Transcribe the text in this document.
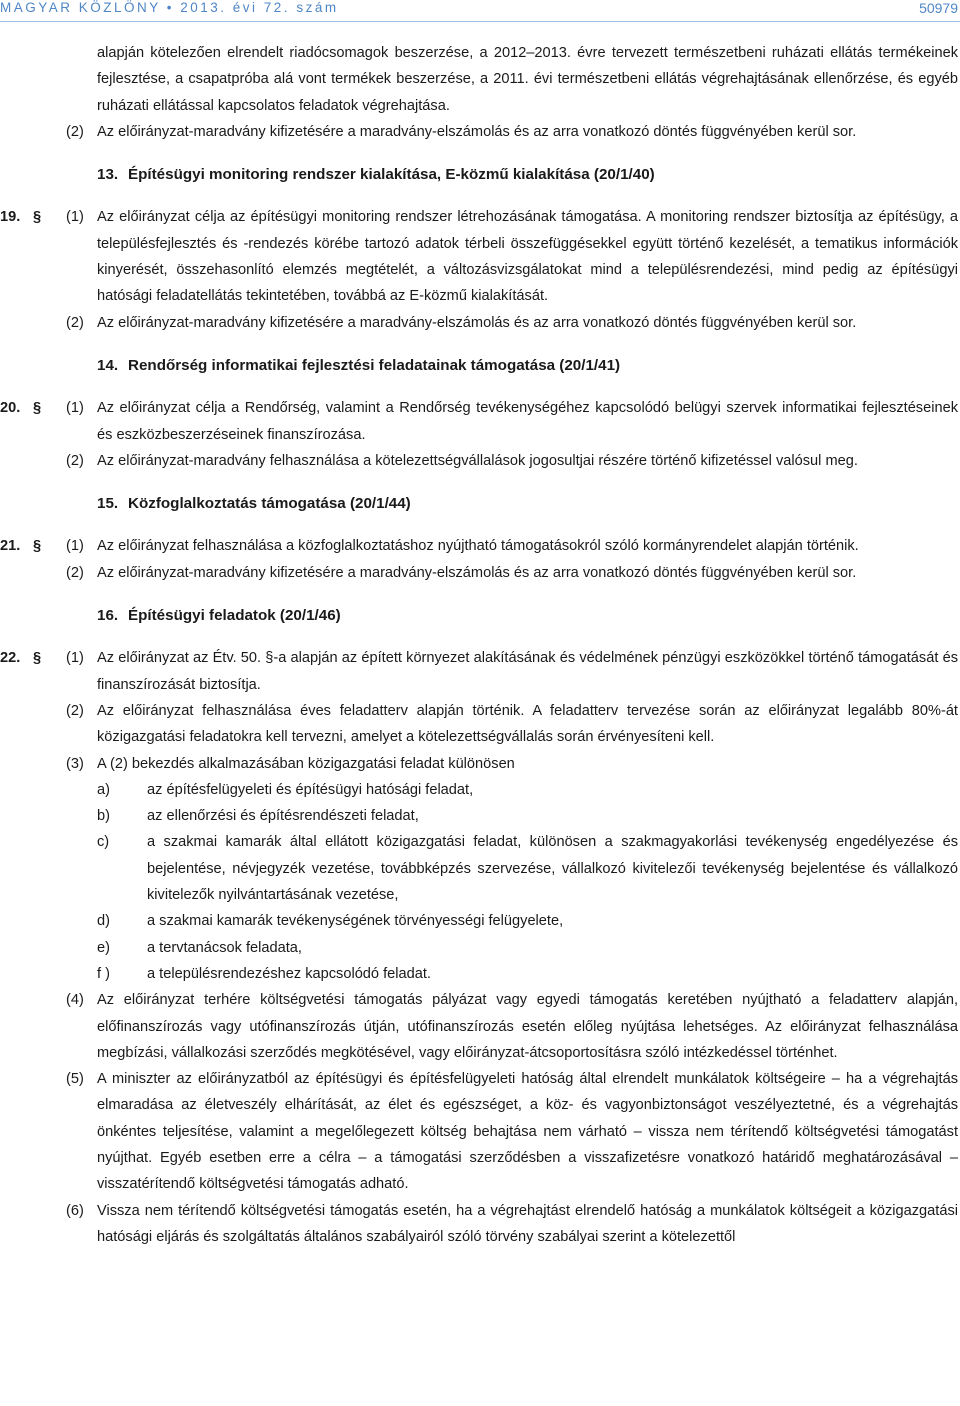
MAGYAR KÖZLÖNY • 2013. évi 72. szám	50979
alapján kötelezően elrendelt riadócsomagok beszerzése, a 2012–2013. évre tervezett természetbeni ruházati ellátás termékeinek fejlesztése, a csapatpróba alá vont termékek beszerzése, a 2011. évi természetbeni ellátás végrehajtásának ellenőrzése, és egyéb ruházati ellátással kapcsolatos feladatok végrehajtása.
(2) Az előirányzat-maradvány kifizetésére a maradvány-elszámolás és az arra vonatkozó döntés függvényében kerül sor.
13. Építésügyi monitoring rendszer kialakítása, E-közmű kialakítása (20/1/40)
19. § (1) Az előirányzat célja az építésügyi monitoring rendszer létrehozásának támogatása. A monitoring rendszer biztosítja az építésügy, a településfejlesztés és -rendezés körébe tartozó adatok térbeli összefüggésekkel együtt történő kezelését, a tematikus információk kinyerését, összehasonlító elemzés megtételét, a változásvizsgálatokat mind a településrendezési, mind pedig az építésügyi hatósági feladatellátás tekintetében, továbbá az E-közmű kialakítását.
(2) Az előirányzat-maradvány kifizetésére a maradvány-elszámolás és az arra vonatkozó döntés függvényében kerül sor.
14. Rendőrség informatikai fejlesztési feladatainak támogatása (20/1/41)
20. § (1) Az előirányzat célja a Rendőrség, valamint a Rendőrség tevékenységéhez kapcsolódó belügyi szervek informatikai fejlesztéseinek és eszközbeszerzéseinek finanszírozása.
(2) Az előirányzat-maradvány felhasználása a kötelezettségvállalások jogosultjai részére történő kifizetéssel valósul meg.
15. Közfoglalkoztatás támogatása (20/1/44)
21. § (1) Az előirányzat felhasználása a közfoglalkoztatáshoz nyújtható támogatásokról szóló kormányrendelet alapján történik.
(2) Az előirányzat-maradvány kifizetésére a maradvány-elszámolás és az arra vonatkozó döntés függvényében kerül sor.
16. Építésügyi feladatok (20/1/46)
22. § (1) Az előirányzat az Étv. 50. §-a alapján az épített környezet alakításának és védelmének pénzügyi eszközökkel történő támogatását és finanszírozását biztosítja.
(2) Az előirányzat felhasználása éves feladatterv alapján történik. A feladatterv tervezése során az előirányzat legalább 80%-át közigazgatási feladatokra kell tervezni, amelyet a kötelezettségvállalás során érvényesíteni kell.
(3) A (2) bekezdés alkalmazásában közigazgatási feladat különösen
a)	az építésfelügyeleti és építésügyi hatósági feladat,
b)	az ellenőrzési és építésrendészeti feladat,
c)	a szakmai kamarák által ellátott közigazgatási feladat, különösen a szakmagyakorlási tevékenység engedélyezése és bejelentése, névjegyzék vezetése, továbbképzés szervezése, vállalkozó kivitelezői tevékenység bejelentése és vállalkozó kivitelezők nyilvántartásának vezetése,
d)	a szakmai kamarák tevékenységének törvényességi felügyelete,
e)	a tervtanácsok feladata,
f )	a településrendezéshez kapcsolódó feladat.
(4) Az előirányzat terhére költségvetési támogatás pályázat vagy egyedi támogatás keretében nyújtható a feladatterv alapján, előfinanszírozás vagy utófinanszírozás útján, utófinanszírozás esetén előleg nyújtása lehetséges. Az előirányzat felhasználása megbízási, vállalkozási szerződés megkötésével, vagy előirányzat-átcsoportosításra szóló intézkedéssel történhet.
(5) A miniszter az előirányzatból az építésügyi és építésfelügyeleti hatóság által elrendelt munkálatok költségeire – ha a végrehajtás elmaradása az életveszély elhárítását, az élet és egészséget, a köz- és vagyonbiztonságot veszélyeztetné, és a végrehajtás önkéntes teljesítése, valamint a megelőlegezett költség behajtása nem várható – vissza nem térítendő költségvetési támogatást nyújthat. Egyéb esetben erre a célra – a támogatási szerződésben a visszafizetésre vonatkozó határidő meghatározásával – visszatérítendő költségvetési támogatás adható.
(6) Vissza nem térítendő költségvetési támogatás esetén, ha a végrehajtást elrendelő hatóság a munkálatok költségeit a közigazgatási hatósági eljárás és szolgáltatás általános szabályairól szóló törvény szabályai szerint a kötelezettől
